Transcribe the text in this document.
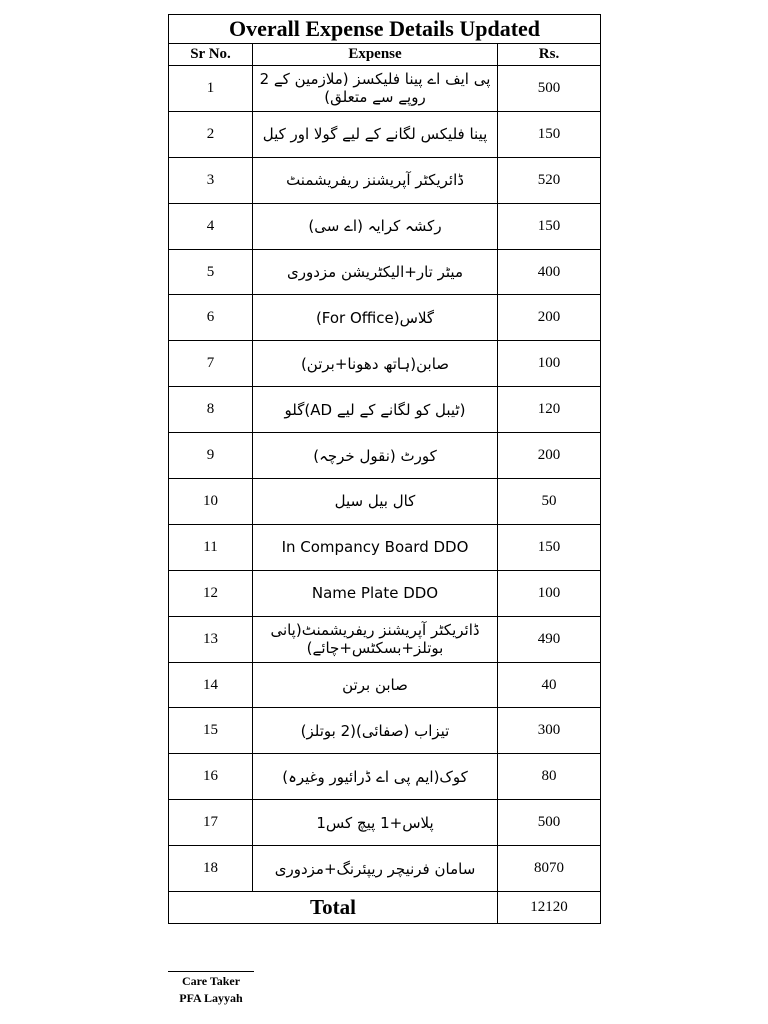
Overall Expense Details Updated		
Sr No.	Expense	Rs.
1	پی ایف اے پینا فلیکسز (ملازمین کے 2 روپے سے متعلق)	500
2	پینا فلیکس لگانے کے لیے گولا اور کیل	150
3	ڈائریکٹر آپریشنز ریفریشمنٹ	520
4	رکشہ کرایہ (اے سی)	150
5	میٹر تار+الیکٹریشن مزدوری	400
6	(For Office)گلاس	200
7	صابن(ہاتھ دھونا+برتن)	100
8	(ٹیبل کو لگانے کے لیے AD)گلو	120
9	کورٹ (نقول خرچہ)	200
10	کال بیل سیل	50
11	In Compancy Board DDO	150
12	Name Plate DDO	100
13	ڈائریکٹر آپریشنز ریفریشمنٹ(پانی بوتلز+بسکٹس+چائے)	490
14	صابن برتن	40
15	تیزاب (صفائی)(2 بوتلز)	300
16	کوک(ایم پی اے ڈرائیور وغیرہ)	80
17	پلاس+1 پیچ کس1	500
18	سامان فرنیچر ریپئرنگ+مزدوری	8070
Total		12120
Care Taker
PFA Layyah
